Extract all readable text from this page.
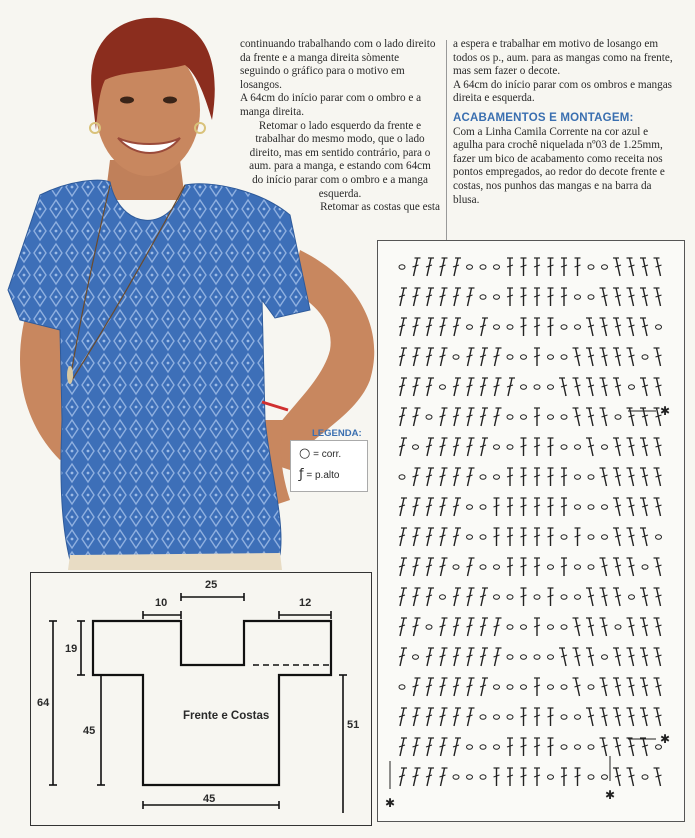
continuando trabalhando com o lado direito da frente e a manga direita sòmente seguindo o gráfico para o motivo em losangos.

A 64cm do início parar com o ombro e a manga direita.

Retomar o lado esquerdo da frente e trabalhar do mesmo modo, que o lado direito, mas em sentido contrário, para o aum. para a manga, e estando com 64cm

do início parar com o ombro e a manga esquerda.

Retomar as costas que esta

a espera e trabalhar em motivo de losango em todos os p., aum. para as mangas como na frente, mas sem fazer o decote.

A 64cm do início parar com os ombros e mangas direita e esquerda.

ACABAMENTOS E MONTAGEM:

Com a Linha Camila Corrente na cor azul e agulha para crochê niquelada nº03 de 1.25mm, fazer um bico de acabamento como receita nos pontos empregados, ao redor do decote frente e costas, nos punhos das mangas e na barra da blusa.

LEGENDA:
○ = corr.
ƒ = p.alto
25
10	12
19
64
45	51
45
Frente e Costas
✱
✱
✱
✱
